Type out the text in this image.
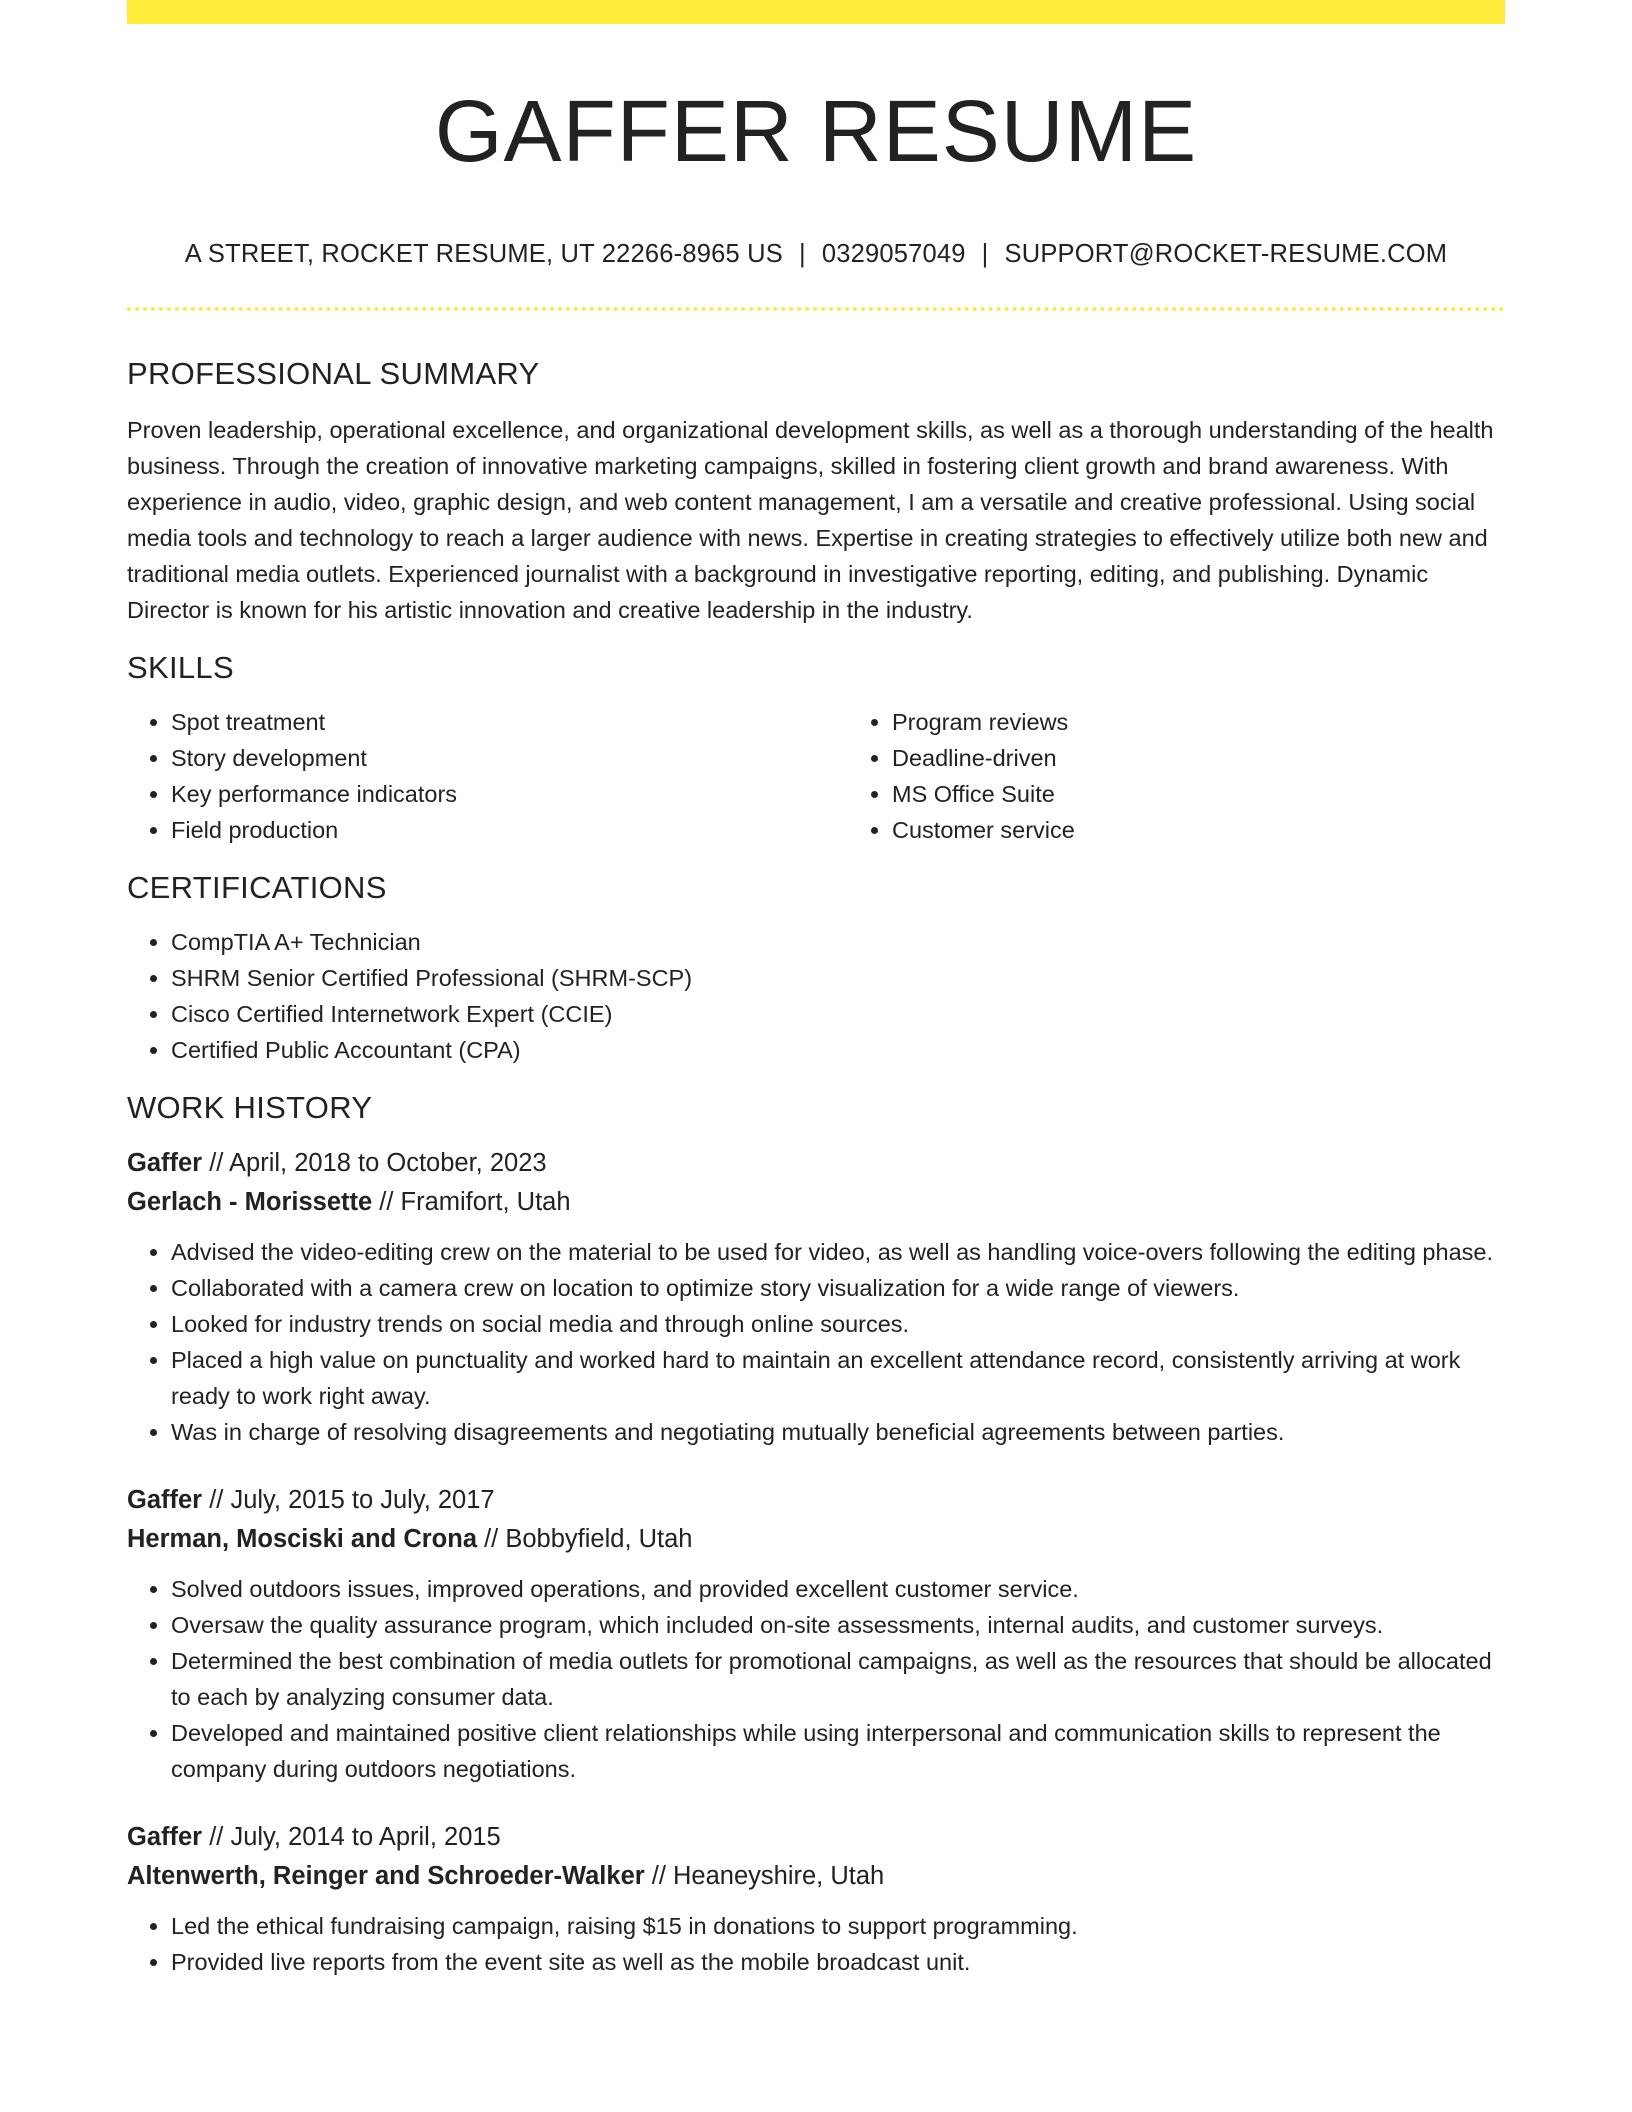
GAFFER RESUME
A STREET, ROCKET RESUME, UT 22266-8965 US | 0329057049 | SUPPORT@ROCKET-RESUME.COM
PROFESSIONAL SUMMARY

Proven leadership, operational excellence, and organizational development skills, as well as a thorough understanding of the health business. Through the creation of innovative marketing campaigns, skilled in fostering client growth and brand awareness. With experience in audio, video, graphic design, and web content management, I am a versatile and creative professional. Using social media tools and technology to reach a larger audience with news. Expertise in creating strategies to effectively utilize both new and traditional media outlets. Experienced journalist with a background in investigative reporting, editing, and publishing. Dynamic Director is known for his artistic innovation and creative leadership in the industry.

SKILLS
• Spot treatment
• Story development
• Key performance indicators
• Field production
• Program reviews
• Deadline-driven
• MS Office Suite
• Customer service
CERTIFICATIONS
• CompTIA A+ Technician
• SHRM Senior Certified Professional (SHRM-SCP)
• Cisco Certified Internetwork Expert (CCIE)
• Certified Public Accountant (CPA)
WORK HISTORY
Gaffer // April, 2018 to October, 2023
Gerlach - Morissette // Framifort, Utah
• Advised the video-editing crew on the material to be used for video, as well as handling voice-overs following the editing phase.
• Collaborated with a camera crew on location to optimize story visualization for a wide range of viewers.
• Looked for industry trends on social media and through online sources.
• Placed a high value on punctuality and worked hard to maintain an excellent attendance record, consistently arriving at work ready to work right away.
• Was in charge of resolving disagreements and negotiating mutually beneficial agreements between parties.
Gaffer // July, 2015 to July, 2017
Herman, Mosciski and Crona // Bobbyfield, Utah
• Solved outdoors issues, improved operations, and provided excellent customer service.
• Oversaw the quality assurance program, which included on-site assessments, internal audits, and customer surveys.
• Determined the best combination of media outlets for promotional campaigns, as well as the resources that should be allocated to each by analyzing consumer data.
• Developed and maintained positive client relationships while using interpersonal and communication skills to represent the company during outdoors negotiations.
Gaffer // July, 2014 to April, 2015
Altenwerth, Reinger and Schroeder-Walker // Heaneyshire, Utah
• Led the ethical fundraising campaign, raising $15 in donations to support programming.
• Provided live reports from the event site as well as the mobile broadcast unit.
